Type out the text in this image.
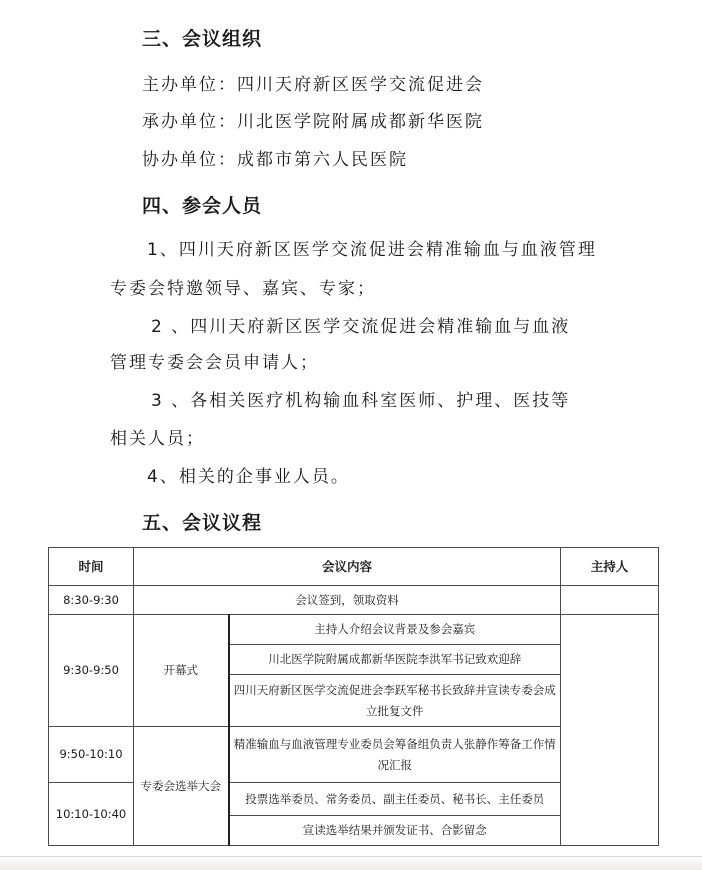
三、会议组织
主办单位：四川天府新区医学交流促进会
承办单位：川北医学院附属成都新华医院
协办单位：成都市第六人民医院
四、参会人员
1、四川天府新区医学交流促进会精准输血与血液管理
专委会特邀领导、嘉宾、专家；
2 、四川天府新区医学交流促进会精准输血与血液
管理专委会会员申请人；
3 、各相关医疗机构输血科室医师、护理、医技等
相关人员；
4、相关的企事业人员。
五、会议议程
时间	会议内容		主持人
8:30-9:30	会议签到，领取资料		
9:30-9:50	开幕式	主持人介绍会议背景及参会嘉宾	
		川北医学院附属成都新华医院李洪军书记致欢迎辞	
		四川天府新区医学交流促进会李跃军秘书长致辞并宣读专委会成立批复文件	
9:50-10:10	专委会选举大会	精准输血与血液管理专业委员会筹备组负责人张静作筹备工作情况汇报	
10:10-10:40		投票选举委员、常务委员、副主任委员、秘书长、主任委员	
		宣读选举结果并颁发证书、合影留念	
